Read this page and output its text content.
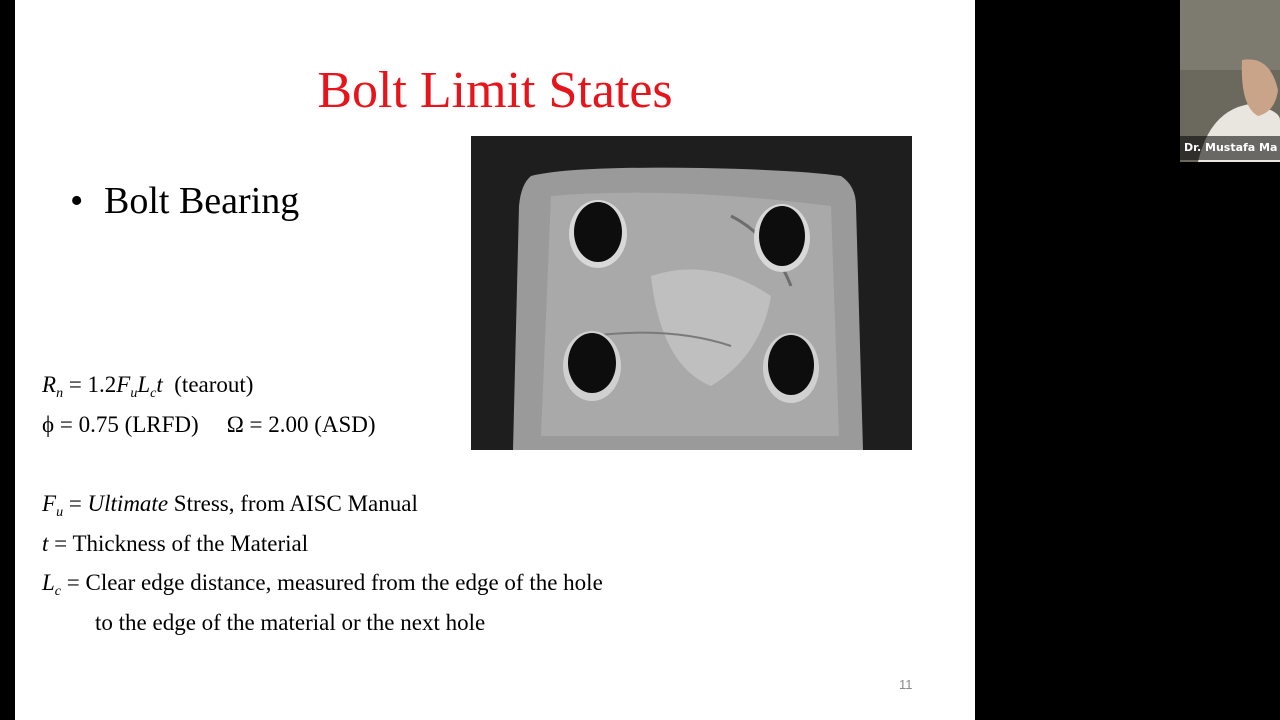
Bolt Limit States
• Bolt Bearing
$R_n = 1.2F_uL_ct$ (tearout)
ϕ = 0.75 (LRFD) Ω = 2.00 (ASD)
$F_u$ = Ultimate Stress, from AISC Manual
t = Thickness of the Material
$L_c$ = Clear edge distance, measured from the edge of the hole
to the edge of the material or the next hole
11
Dr. Mustafa Ma
